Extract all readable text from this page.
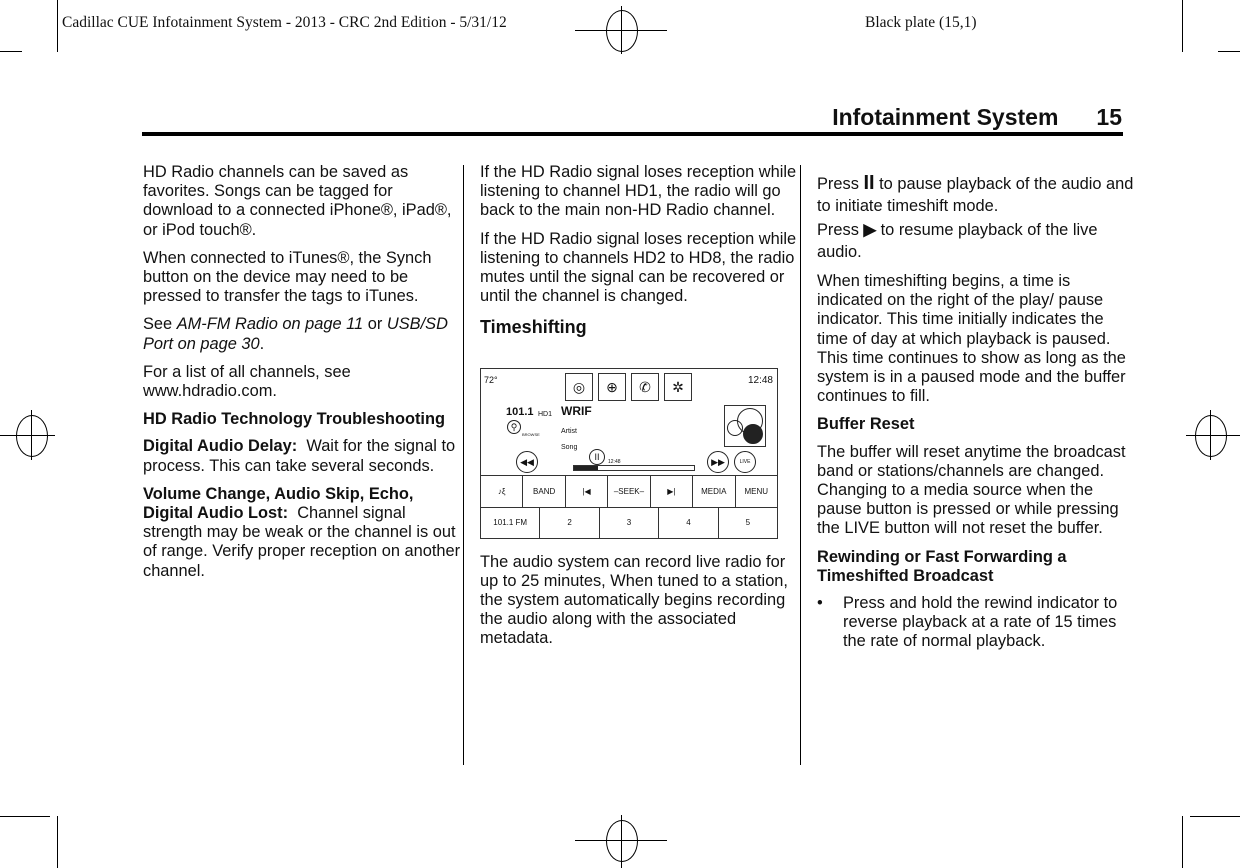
Cadillac CUE Infotainment System - 2013 - CRC 2nd Edition - 5/31/12	Black plate (15,1)
Infotainment System 15

HD Radio channels can be saved as favorites. Songs can be tagged for download to a connected iPhone®, iPad®, or iPod touch®.

When connected to iTunes®, the Synch button on the device may need to be pressed to transfer the tags to iTunes.

See AM-FM Radio on page 11 or USB/SD Port on page 30.

For a list of all channels, see www.hdradio.com.

HD Radio Technology Troubleshooting

Digital Audio Delay: Wait for the signal to process. This can take several seconds.

Volume Change, Audio Skip, Echo, Digital Audio Lost: Channel signal strength may be weak or the channel is out of range. Verify proper reception on another channel.

If the HD Radio signal loses reception while listening to channel HD1, the radio will go back to the main non-HD Radio channel.

If the HD Radio signal loses reception while listening to channels HD2 to HD8, the radio mutes until the signal can be recovered or until the channel is changed.

Timeshifting
72°	12:48
◎	⊕	✆	✲
101.1 HD1 WRIF
⚲
BROWSE	Artist
Song
◀◀	II	12:48	▶▶	LIVE
♪ξ	BAND	|◀	–SEEK–	▶|	MEDIA	MENU
101.1 FM	2	3	4	5

The audio system can record live radio for up to 25 minutes, When tuned to a station, the system automatically begins recording the audio along with the associated metadata.

Press II to pause playback of the audio and to initiate timeshift mode.

Press ▶ to resume playback of the live audio.

When timeshifting begins, a time is indicated on the right of the play/ pause indicator. This time initially indicates the time of day at which playback is paused. This time continues to show as long as the system is in a paused mode and the buffer continues to fill.

Buffer Reset

The buffer will reset anytime the broadcast band or stations/channels are changed. Changing to a media source when the pause button is pressed or while pressing the LIVE button will not reset the buffer.

Rewinding or Fast Forwarding a Timeshifted Broadcast
•	Press and hold the rewind indicator to reverse playback at a rate of 15 times the rate of normal playback.
